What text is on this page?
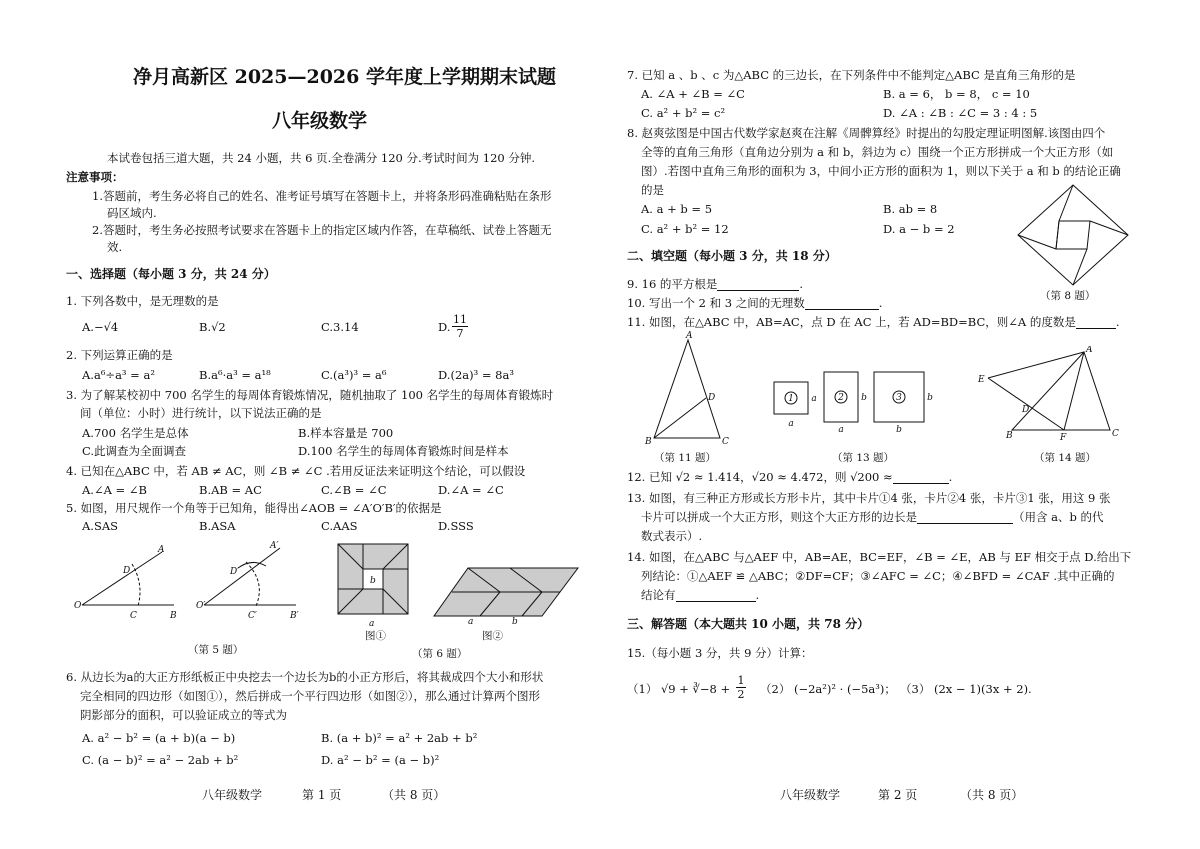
净月高新区 2025—2026 学年度上学期期末试题
八年级数学
本试卷包括三道大题，共 24 小题，共 6 页.全卷满分 120 分.考试时间为 120 分钟.
注意事项：
1.答题前，考生务必将自己的姓名、准考证号填写在答题卡上，并将条形码准确粘贴在条形
码区域内.
2.答题时，考生务必按照考试要求在答题卡上的指定区域内作答，在草稿纸、试卷上答题无
效.
一、选择题（每小题 3 分，共 24 分）
1. 下列各数中，是无理数的是
A.−√4	B.√2	C.3.14	D. $\frac{11}{7}$
2. 下列运算正确的是
A.a⁶÷a³ = a²	B.a⁶·a³ = a¹⁸	C.(a³)³ = a⁶	D.(2a)³ = 8a³
3. 为了解某校初中 700 名学生的每周体育锻炼情况，随机抽取了 100 名学生的每周体育锻炼时
间（单位：小时）进行统计，以下说法正确的是
A.700 名学生是总体	B.样本容量是 700
C.此调查为全面调查	D.100 名学生的每周体育锻炼时间是样本
4. 已知在△ABC 中，若 AB ≠ AC，则 ∠B ≠ ∠C .若用反证法来证明这个结论，可以假设
A.∠A = ∠B	B.AB = AC	C.∠B = ∠C	D.∠A = ∠C
5. 如图，用尺规作一个角等于已知角，能得出∠AOB = ∠A′O′B′的依据是
A.SAS	B.ASA	C.AAS	D.SSS
O
C	B
D
A
O′
C′	B′
D′
A′
（第 5 题）
b
a
图①
a	b
图②
（第 6 题）
6. 从边长为a的大正方形纸板正中央挖去一个边长为b的小正方形后，将其裁成四个大小和形状
完全相同的四边形（如图①），然后拼成一个平行四边形（如图②），那么通过计算两个图形
阴影部分的面积，可以验证成立的等式为
A. a² − b² = (a + b)(a − b)	B. (a + b)² = a² + 2ab + b²
C. (a − b)² = a² − 2ab + b²	D. a² − b² = (a − b)²
八年级数学	第 1 页	（共 8 页）
7. 已知 a 、b 、c 为△ABC 的三边长，在下列条件中不能判定△ABC 是直角三角形的是
A. ∠A + ∠B = ∠C	B. a = 6， b = 8， c = 10
C. a² + b² = c²	D. ∠A : ∠B : ∠C = 3 : 4 : 5
8. 赵爽弦图是中国古代数学家赵爽在注解《周髀算经》时提出的勾股定理证明图解.该图由四个
全等的直角三角形（直角边分别为 a 和 b，斜边为 c）围绕一个正方形拼成一个大正方形（如
图）.若图中直角三角形的面积为 3，中间小正方形的面积为 1，则以下关于 a 和 b 的结论正确
的是
A. a + b = 5	B. ab = 8
C. a² + b² = 12	D. a − b = 2
（第 8 题）
二、填空题（每小题 3 分，共 18 分）
9. 16 的平方根是	.
10. 写出一个 2 和 3 之间的无理数	.
11. 如图，在△ABC 中，AB=AC，点 D 在 AC 上，若 AD=BD=BC，则∠A 的度数是	.
A
B	C
D
（第 11 题）
1	2	3
a	b	b
a
a	b
（第 13 题）
A
B	C
D
E
F
（第 14 题）
12. 已知 √2 ≈ 1.414，√20 ≈ 4.472，则 √200 ≈	.
13. 如图，有三种正方形或长方形卡片，其中卡片①4 张，卡片②4 张，卡片③1 张，用这 9 张
卡片可以拼成一个大正方形，则这个大正方形的边长是	（用含 a、b 的代
数式表示）.
14. 如图，在△ABC 与△AEF 中，AB=AE，BC=EF，∠B = ∠E，AB 与 EF 相交于点 D.给出下
列结论：①△AEF ≌ △ABC；②DF=CF；③∠AFC = ∠C；④∠BFD = ∠CAF .其中正确的
结论有	.
三、解答题（本大题共 10 小题，共 78 分）
15.（每小题 3 分，共 9 分）计算：
（1） √9 + ∛−8 + $\frac{1}{2} (2) (-2a^2)^2 \cdot (-5a^3)$； （3） (2x − 1)(3x + 2).
八年级数学	第 2 页	（共 8 页）
